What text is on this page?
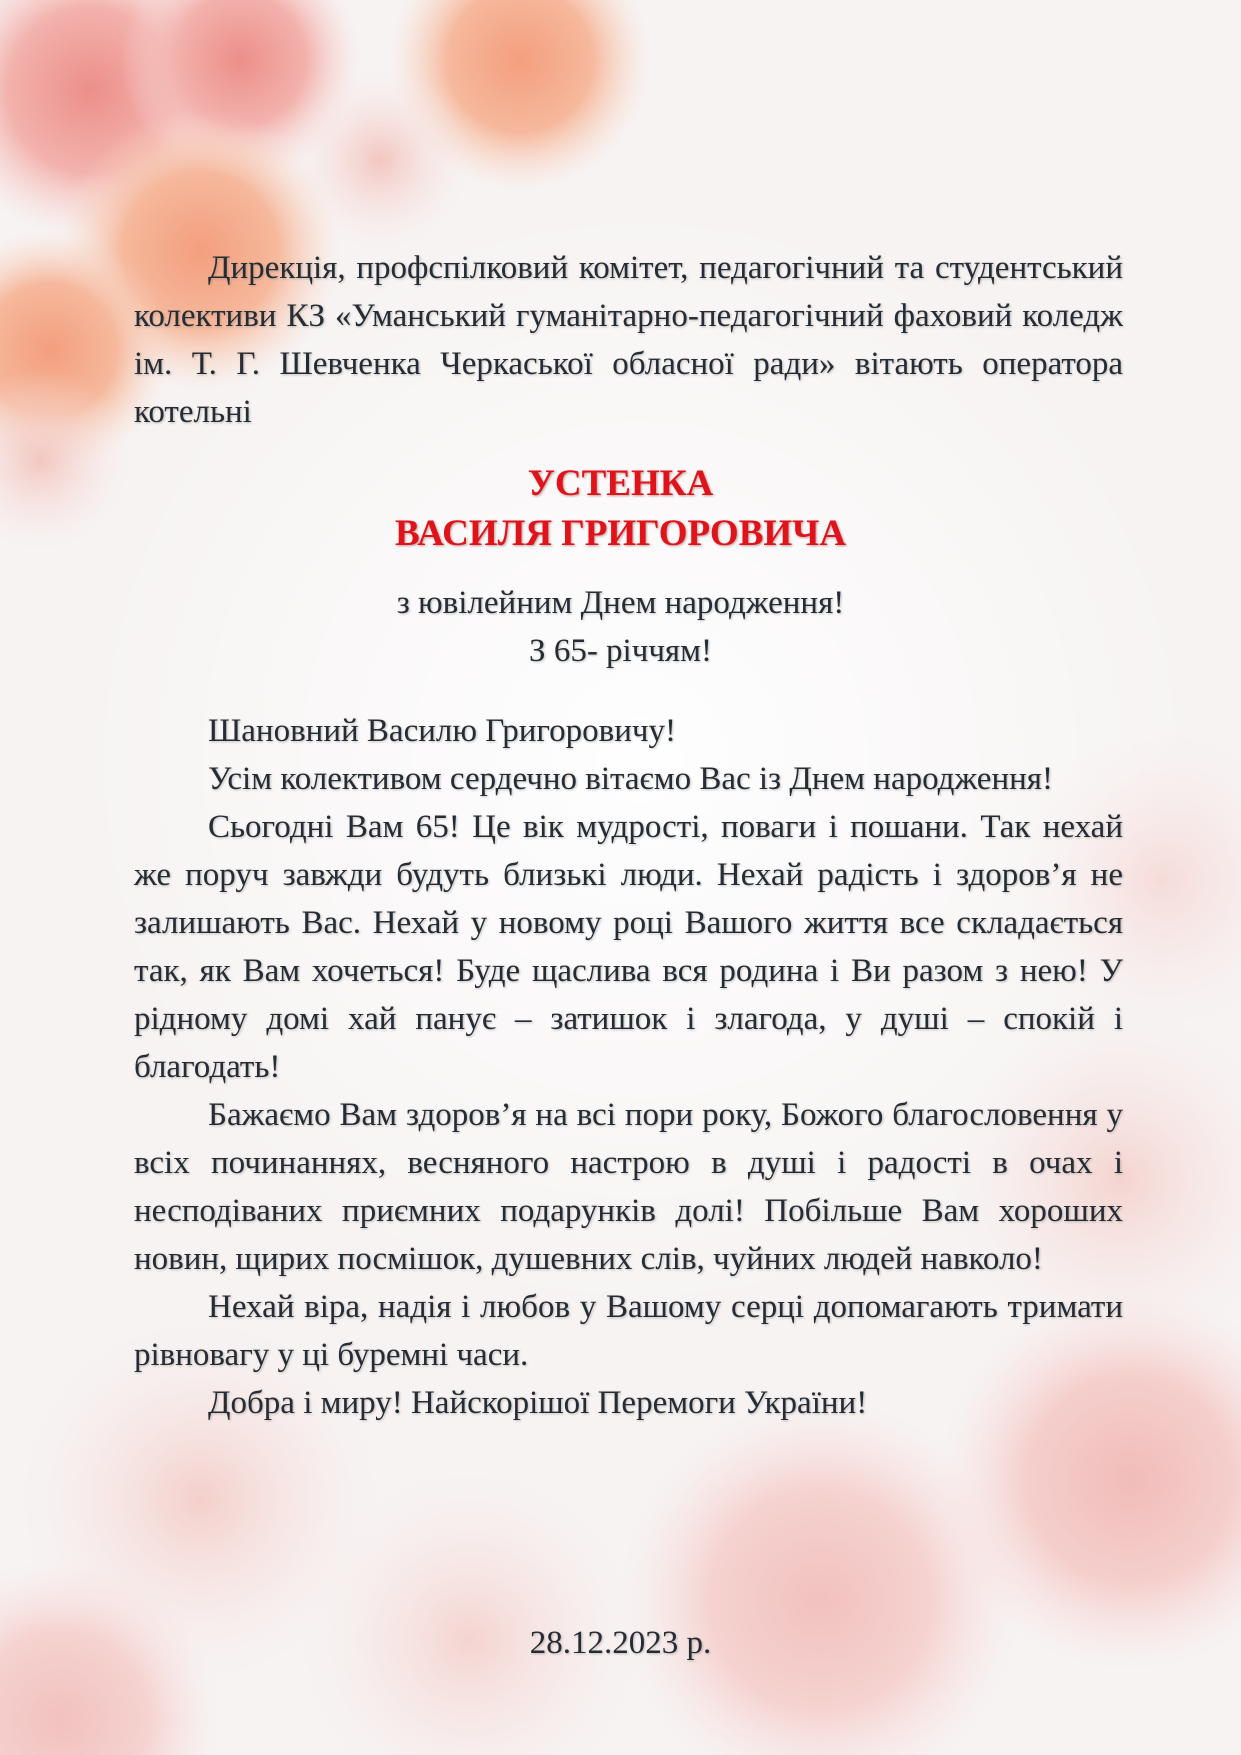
Дирекція, профспілковий комітет, педагогічний та студентський колективи КЗ «Уманський гуманітарно-педагогічний фаховий коледж ім. Т. Г. Шевченка Черкаської обласної ради» вітають оператора котельні

УСТЕНКА
ВАСИЛЯ ГРИГОРОВИЧА
з ювілейним Днем народження!
З 65- річчям!

Шановний Василю Григоровичу!

Усім колективом сердечно вітаємо Вас із Днем народження!

Сьогодні Вам 65! Це вік мудрості, поваги і пошани. Так нехай же поруч завжди будуть близькі люди. Нехай радість і здоров’я не залишають Вас. Нехай у новому році Вашого життя все складається так, як Вам хочеться! Буде щаслива вся родина і Ви разом з нею! У рідному домі хай панує – затишок і злагода, у душі – спокій і благодать!

Бажаємо Вам здоров’я на всі пори року, Божого благословення у всіх починаннях, весняного настрою в душі і радості в очах і несподіваних приємних подарунків долі! Побільше Вам хороших новин, щирих посмішок, душевних слів, чуйних людей навколо!

Нехай віра, надія і любов у Вашому серці допомагають тримати рівновагу у ці буремні часи.

Добра і миру! Найскорішої Перемоги України!

28.12.2023 р.
